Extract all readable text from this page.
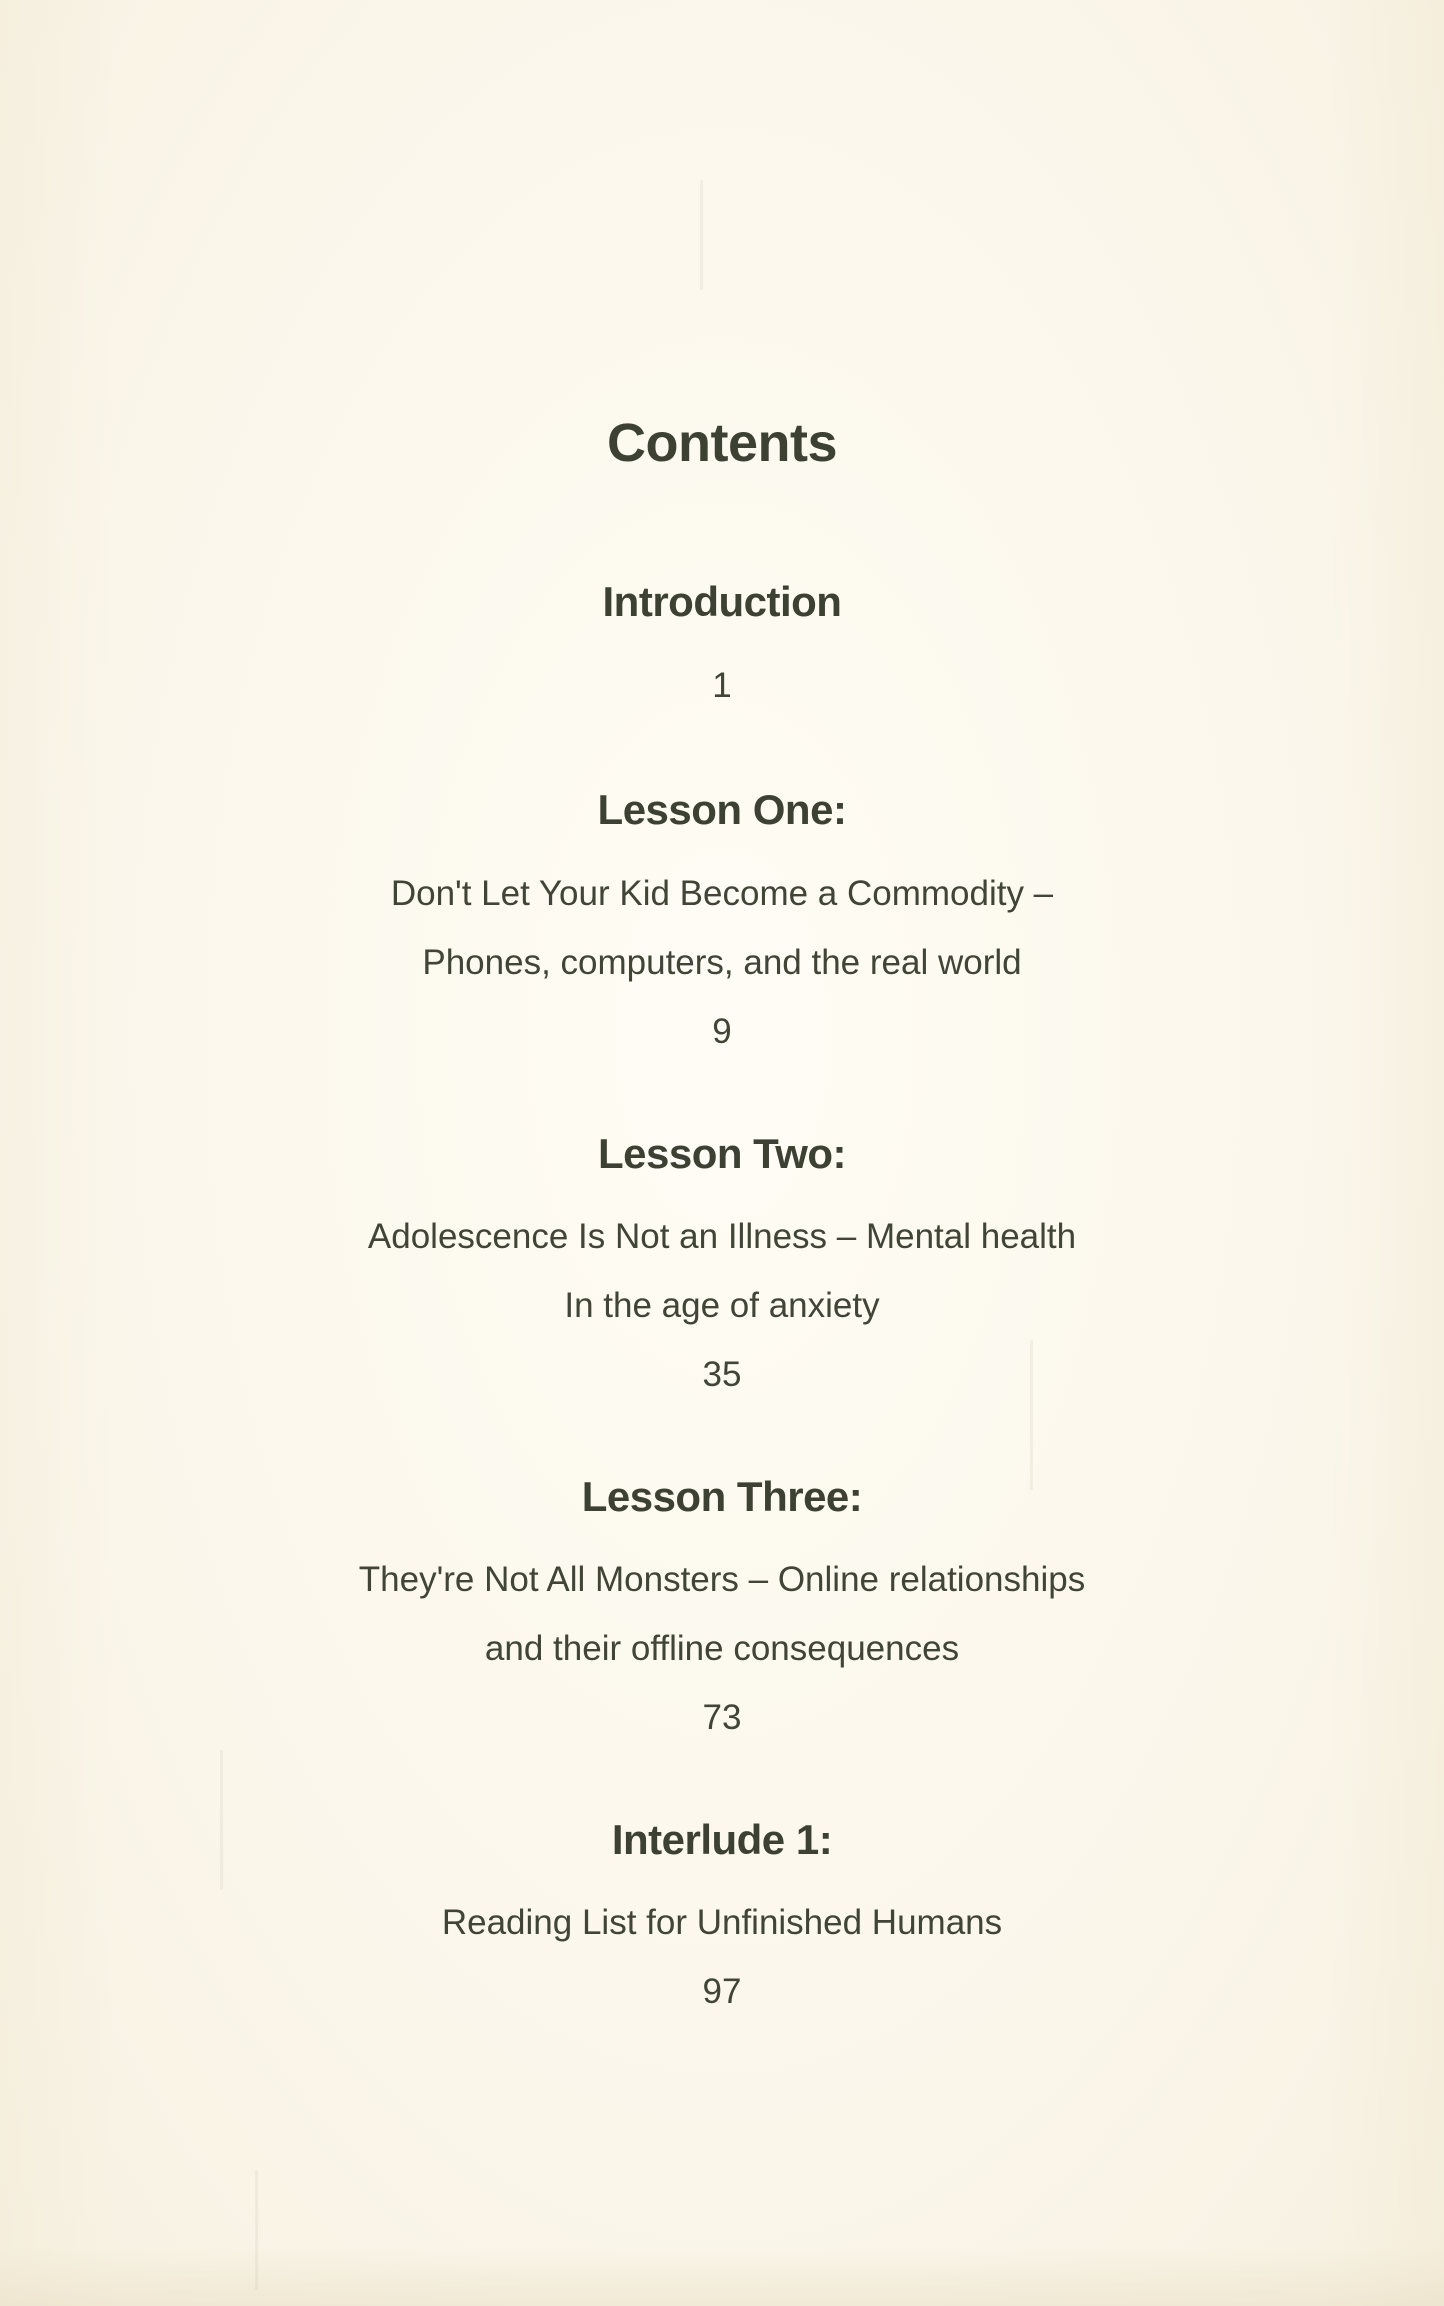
Contents
Introduction
1
Lesson One:
Don't Let Your Kid Become a Commodity –
Phones, computers, and the real world
9
Lesson Two:
Adolescence Is Not an Illness – Mental health
In the age of anxiety
35
Lesson Three:
They're Not All Monsters – Online relationships
and their offline consequences
73
Interlude 1:
Reading List for Unfinished Humans
97
